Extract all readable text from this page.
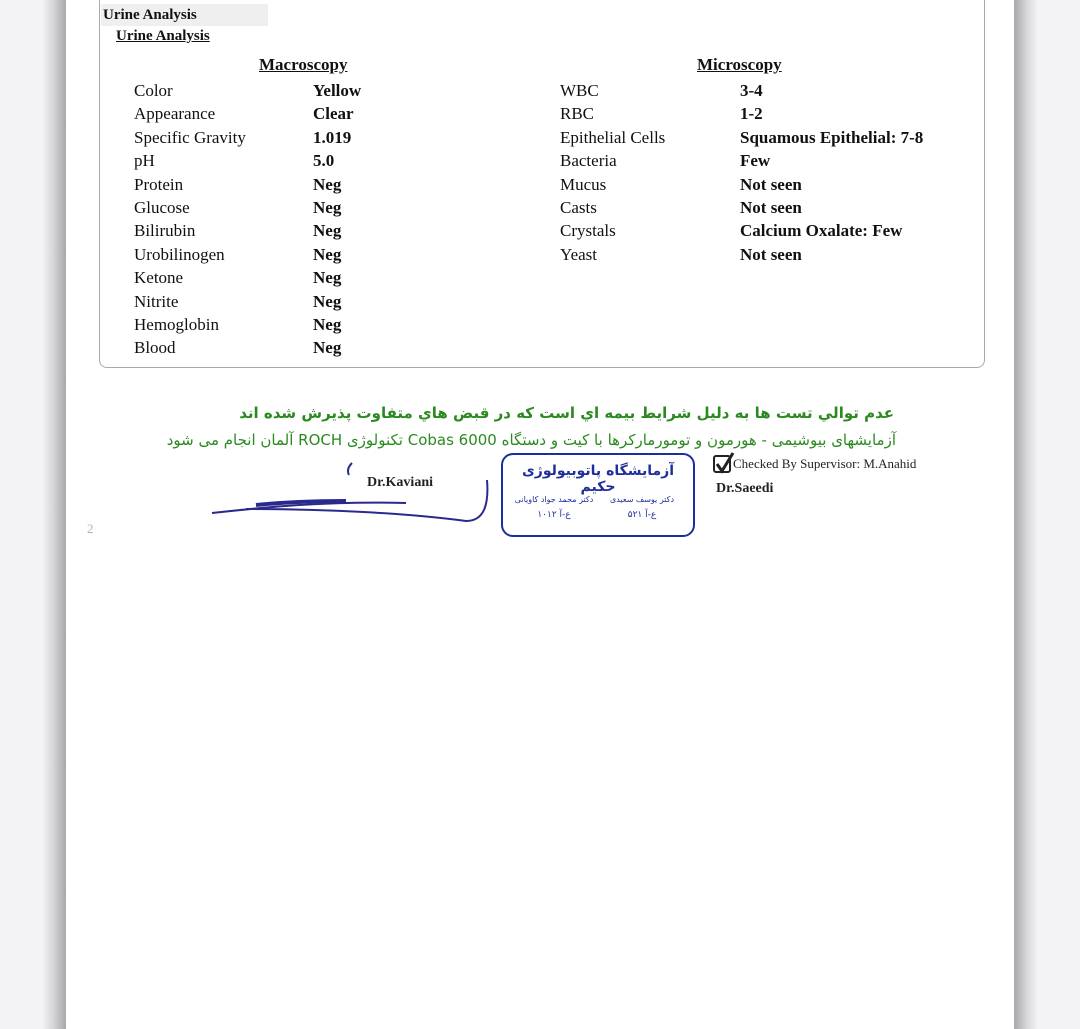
Urine Analysis
Urine Analysis
Macroscopy	Microscopy
Color	Yellow
Appearance	Clear
Specific Gravity	1.019
pH	5.0
Protein	Neg
Glucose	Neg
Bilirubin	Neg
Urobilinogen	Neg
Ketone	Neg
Nitrite	Neg
Hemoglobin	Neg
Blood	Neg
WBC	3-4
RBC	1-2
Epithelial Cells	Squamous Epithelial: 7-8
Bacteria	Few
Mucus	Not seen
Casts	Not seen
Crystals	Calcium Oxalate: Few
Yeast	Not seen
عدم توالي تست ها به دليل شرايط بيمه اي است كه در قبض هاي متفاوت پذيرش شده اند
آزمایشهای بیوشیمی - هورمون و تومورمارکرها با کیت و دستگاه Cobas 6000 تکنولوژی ROCH آلمان انجام می شود
Dr.Kaviani
آزمایشگاه پاتوبیولوژی حکیم
دکتر یوسف سعیدی
ع-آ ۵۲۱
دکتر محمد جواد کاویانی
ع-آ ۱۰۱۲
Checked By Supervisor: M.Anahid
Dr.Saeedi
2
